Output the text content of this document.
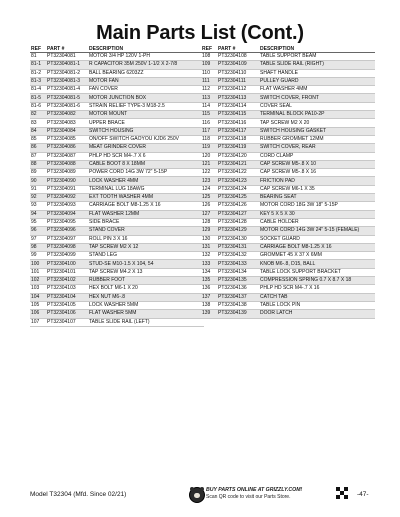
Main Parts List (Cont.)
REF	PART #	DESCRIPTION
81	PT32304081	MOTOR 3/4 HP 120V 1-PH
81-1	PT32304081-1	R CAPACITOR 35M 250V 1-1/2 X 2-7/8
81-2	PT32304081-2	BALL BEARING 6203ZZ
81-3	PT32304081-3	MOTOR FAN
81-4	PT32304081-4	FAN COVER
81-5	PT32304081-5	MOTOR JUNCTION BOX
81-6	PT32304081-6	STRAIN RELIEF TYPE-3 M18-2.5
82	PT32304082	MOTOR MOUNT
83	PT32304083	UPPER BRACE
84	PT32304084	SWITCH HOUSING
85	PT32304085	ON/OFF SWITCH GAOYOU KJD6 250V
86	PT32304086	MEAT GRINDER COVER
87	PT32304087	PHLP HD SCR M4-.7 X 6
88	PT32304088	CABLE BOOT 8 X 18MM
89	PT32304089	POWER CORD 14G 3W 72" 5-15P
90	PT32304090	LOCK WASHER 4MM
91	PT32304091	TERMINAL LUG 18AWG
92	PT32304092	EXT TOOTH WASHER 4MM
93	PT32304093	CARRIAGE BOLT M8-1.25 X 16
94	PT32304094	FLAT WASHER 12MM
95	PT32304095	SIDE BRACE
96	PT32304096	STAND COVER
97	PT32304097	ROLL PIN 3 X 16
98	PT32304098	TAP SCREW M2 X 12
99	PT32304099	STAND LEG
100	PT32304100	STUD-SE M10-1.5 X 104, 54
101	PT32304101	TAP SCREW M4.2 X 13
102	PT32304102	RUBBER FOOT
103	PT32304103	HEX BOLT M6-1 X 20
104	PT32304104	HEX NUT M6-.8
105	PT32304105	LOCK WASHER 5MM
106	PT32304106	FLAT WASHER 5MM
107	PT32304107	TABLE SLIDE RAIL (LEFT)
REF	PART #	DESCRIPTION
108	PT32304108	TABLE SUPPORT BEAM
109	PT32304109	TABLE SLIDE RAIL (RIGHT)
110	PT32304110	SHAFT HANDLE
111	PT32304111	PULLEY GUARD
112	PT32304112	FLAT WASHER 4MM
113	PT32304113	SWITCH COVER, FRONT
114	PT32304114	COVER SEAL
115	PT32304115	TERMINAL BLOCK PA10-2P
116	PT32304116	TAP SCREW M2 X 20
117	PT32304117	SWITCH HOUSING GASKET
118	PT32304118	RUBBER GROMMET 12MM
119	PT32304119	SWITCH COVER, REAR
120	PT32304120	CORD CLAMP
121	PT32304121	CAP SCREW M5-.8 X 10
122	PT32304122	CAP SCREW M5-.8 X 16
123	PT32304123	FRICTION PAD
124	PT32304124	CAP SCREW M6-1 X 35
125	PT32304125	BEARING SEAT
126	PT32304126	MOTOR CORD 18G 3W 18" 5-15P
127	PT32304127	KEY 5 X 5 X 30
128	PT32304128	CABLE HOLDER
129	PT32304129	MOTOR CORD 14G 3W 24" 5-15 (FEMALE)
130	PT32304130	SOCKET GUARD
131	PT32304131	CARRIAGE BOLT M8-1.25 X 16
132	PT32304132	GROMMET 45 X 37 X 6MM
133	PT32304133	KNOB M6-.8, D15, BALL
134	PT32304134	TABLE LOCK SUPPORT BRACKET
135	PT32304135	COMPRESSION SPRING 0.7 X 8.7 X 18
136	PT32304136	PHLP HD SCR M4-.7 X 16
137	PT32304137	CATCH TAB
138	PT32304138	TABLE LOCK PIN
139	PT32304139	DOOR LATCH
Model T32304 (Mfd. Since 02/21)
BUY PARTS ONLINE AT GRIZZLY.COM!
Scan QR code to visit our Parts Store.	-47-
